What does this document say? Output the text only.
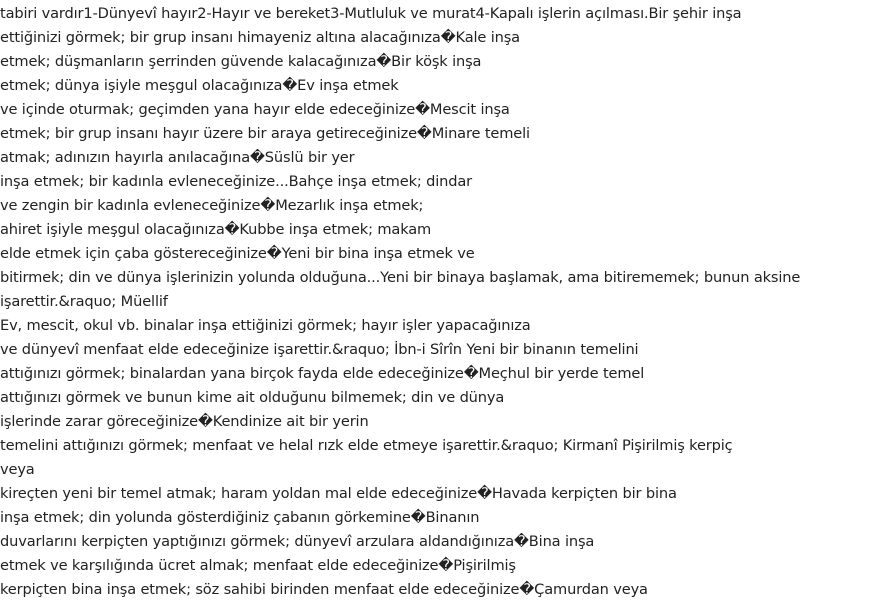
tabiri vardır1-Dünyevî hayır2-Hayır ve bereket3-Mutluluk ve murat4-Kapalı işlerin açılması.Bir şehir inşa
ettiğinizi görmek; bir grup insanı himayeniz altına alacağınıza�Kale inşa
etmek; düşmanların şerrinden güvende kalacağınıza�Bir köşk inşa
etmek; dünya işiyle meşgul olacağınıza�Ev inşa etmek
ve içinde oturmak; geçimden yana hayır elde edeceğinize�Mescit inşa
etmek; bir grup insanı hayır üzere bir araya getireceğinize�Minare temeli
atmak; adınızın hayırla anılacağına�Süslü bir yer
inşa etmek; bir kadınla evleneceğinize...Bahçe inşa etmek; dindar
ve zengin bir kadınla evleneceğinize�Mezarlık inşa etmek;
ahiret işiyle meşgul olacağınıza�Kubbe inşa etmek; makam
elde etmek için çaba göstereceğinize�Yeni bir bina inşa etmek ve
bitirmek; din ve dünya işlerinizin yolunda olduğuna...Yeni bir binaya başlamak, ama bitirememek; bunun aksine
işarettir.&raquo; Müellif
Ev, mescit, okul vb. binalar inşa ettiğinizi görmek; hayır işler yapacağınıza
ve dünyevî menfaat elde edeceğinize işarettir.&raquo; İbn-i Sîrîn Yeni bir binanın temelini
attığınızı görmek; binalardan yana birçok fayda elde edeceğinize�Meçhul bir yerde temel
attığınızı görmek ve bunun kime ait olduğunu bilmemek; din ve dünya
işlerinde zarar göreceğinize�Kendinize ait bir yerin
temelini attığınızı görmek; menfaat ve helal rızk elde etmeye işarettir.&raquo; Kirmanî Pişirilmiş kerpiç
veya
kireçten yeni bir temel atmak; haram yoldan mal elde edeceğinize�Havada kerpiçten bir bina
inşa etmek; din yolunda gösterdiğiniz çabanın görkemine�Binanın
duvarlarını kerpiçten yaptığınızı görmek; dünyevî arzulara aldandığınıza�Bina inşa
etmek ve karşılığında ücret almak; menfaat elde edeceğinize�Pişirilmiş
kerpiçten bina inşa etmek; söz sahibi birinden menfaat elde edeceğinize�Çamurdan veya
